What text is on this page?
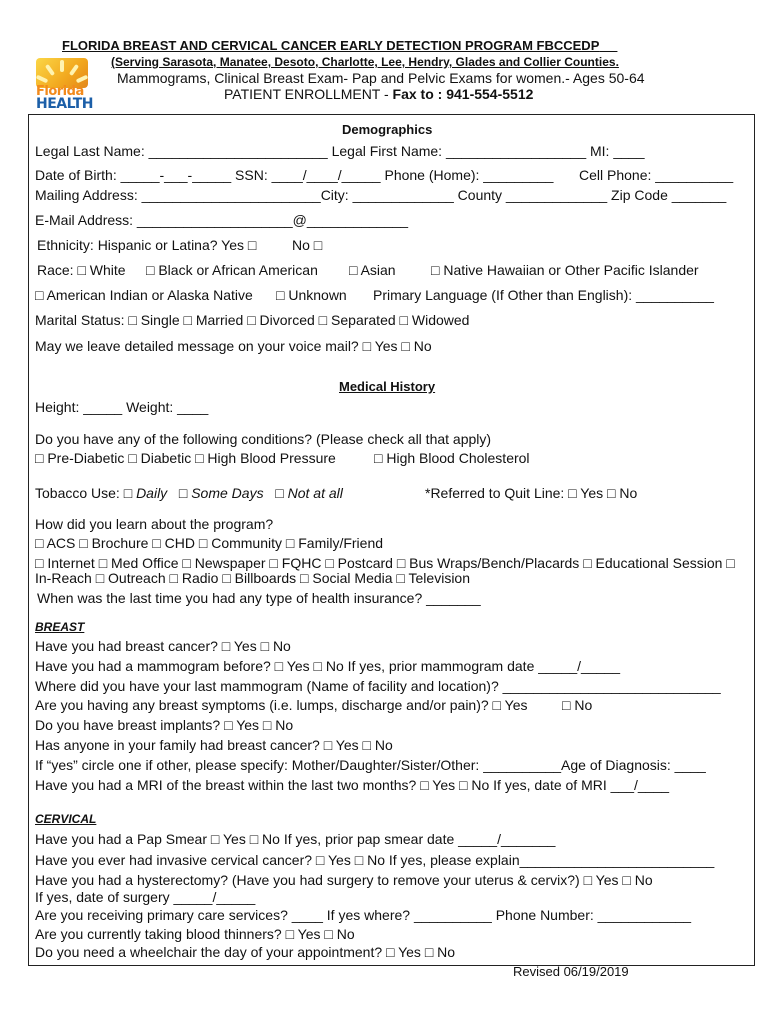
FLORIDA BREAST AND CERVICAL CANCER EARLY DETECTION PROGRAM FBCCEDP
(Serving Sarasota, Manatee, Desoto, Charlotte, Lee, Hendry, Glades and Collier Counties.
Mammograms, Clinical Breast Exam- Pap and Pelvic Exams for women.- Ages 50-64
PATIENT ENROLLMENT - Fax to : 941-554-5512
Florida
HEALTH
Demographics
Legal Last Name: _______________________ Legal First Name: __________________ MI: ____
Date of Birth: _____-___-_____ SSN: ____/____/_____ Phone (Home): _________ Cell Phone: __________
Mailing Address: _______________________City: _____________ County _____________ Zip Code _______
E-Mail Address: ____________________@_____________
Ethnicity: Hispanic or Latina? Yes □	No □
Race: □ White □ Black or African American □ Asian	□ Native Hawaiian or Other Pacific Islander
□ American Indian or Alaska Native □ Unknown Primary Language (If Other than English): __________
Marital Status: □ Single □ Married □ Divorced □ Separated □ Widowed
May we leave detailed message on your voice mail? □ Yes □ No
Medical History
Height: _____ Weight: ____
Do you have any of the following conditions? (Please check all that apply)
□ Pre-Diabetic □ Diabetic □ High Blood Pressure	□ High Blood Cholesterol
Tobacco Use: □ Daily □ Some Days □ Not at all	*Referred to Quit Line: □ Yes □ No
How did you learn about the program?
□ ACS □ Brochure □ CHD □ Community □ Family/Friend
□ Internet □ Med Office □ Newspaper □ FQHC □ Postcard □ Bus Wraps/Bench/Placards □ Educational Session □
In-Reach □ Outreach □ Radio □ Billboards □ Social Media □ Television
When was the last time you had any type of health insurance? _______
BREAST
Have you had breast cancer? □ Yes □ No
Have you had a mammogram before? □ Yes □ No If yes, prior mammogram date _____/_____
Where did you have your last mammogram (Name of facility and location)? ____________________________
Are you having any breast symptoms (i.e. lumps, discharge and/or pain)? □ Yes □ No
Do you have breast implants? □ Yes □ No
Has anyone in your family had breast cancer? □ Yes □ No
If “yes” circle one if other, please specify: Mother/Daughter/Sister/Other: __________Age of Diagnosis: ____
Have you had a MRI of the breast within the last two months? □ Yes □ No If yes, date of MRI ___/____
CERVICAL
Have you had a Pap Smear □ Yes □ No If yes, prior pap smear date _____/_______
Have you ever had invasive cervical cancer? □ Yes □ No If yes, please explain_________________________
Have you had a hysterectomy? (Have you had surgery to remove your uterus & cervix?) □ Yes □ No
If yes, date of surgery _____/_____
Are you receiving primary care services? ____ If yes where? __________ Phone Number: ____________
Are you currently taking blood thinners? □ Yes □ No
Do you need a wheelchair the day of your appointment? □ Yes □ No
Revised 06/19/2019
